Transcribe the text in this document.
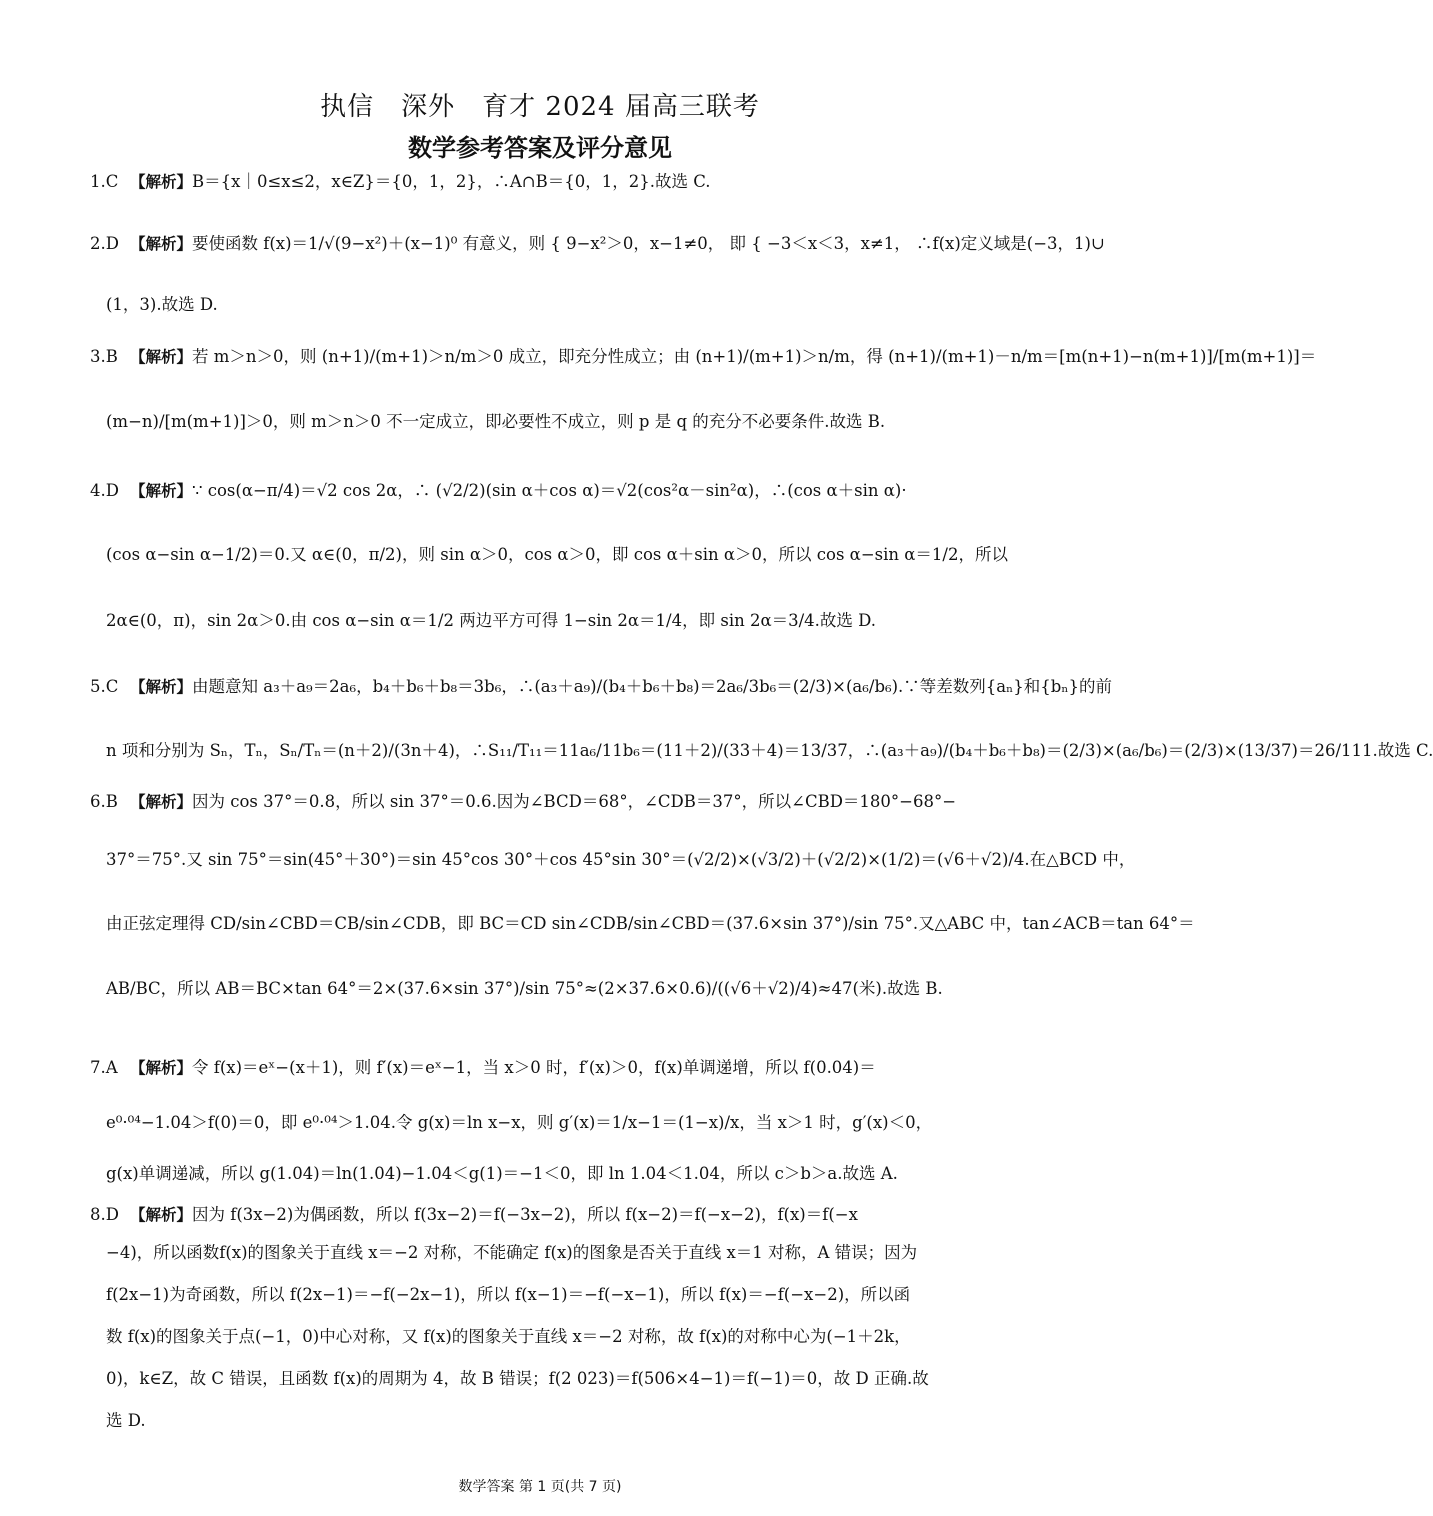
执信　深外　育才 2024 届高三联考
数学参考答案及评分意见
1.C 【解析】B＝{x｜0≤x≤2，x∈Z}＝{0，1，2}，∴A∩B＝{0，1，2}.故选 C.
2.D 【解析】要使函数 f(x)＝1/√(9−x²)＋(x−1)⁰ 有意义，则 { 9−x²＞0，x−1≠0， 即 { −3＜x＜3，x≠1， ∴f(x)定义域是(−3，1)∪
(1，3).故选 D.
3.B 【解析】若 m＞n＞0，则 (n+1)/(m+1)＞n/m＞0 成立，即充分性成立；由 (n+1)/(m+1)＞n/m，得 (n+1)/(m+1)－n/m＝[m(n+1)−n(m+1)]/[m(m+1)]＝
(m−n)/[m(m+1)]＞0，则 m＞n＞0 不一定成立，即必要性不成立，则 p 是 q 的充分不必要条件.故选 B.
4.D 【解析】∵ cos(α−π/4)＝√2 cos 2α，∴ (√2/2)(sin α＋cos α)＝√2(cos²α－sin²α)，∴(cos α＋sin α)·
(cos α−sin α−1/2)＝0.又 α∈(0，π/2)，则 sin α＞0，cos α＞0，即 cos α＋sin α＞0，所以 cos α−sin α＝1/2，所以
2α∈(0，π)，sin 2α＞0.由 cos α−sin α＝1/2 两边平方可得 1−sin 2α＝1/4，即 sin 2α＝3/4.故选 D.
5.C 【解析】由题意知 a₃＋a₉＝2a₆，b₄＋b₆＋b₈＝3b₆，∴(a₃＋a₉)/(b₄＋b₆＋b₈)＝2a₆/3b₆＝(2/3)×(a₆/b₆).∵等差数列{aₙ}和{bₙ}的前
n 项和分别为 Sₙ，Tₙ，Sₙ/Tₙ＝(n＋2)/(3n＋4)，∴S₁₁/T₁₁＝11a₆/11b₆＝(11＋2)/(33＋4)＝13/37，∴(a₃＋a₉)/(b₄＋b₆＋b₈)＝(2/3)×(a₆/b₆)＝(2/3)×(13/37)＝26/111.故选 C.
6.B 【解析】因为 cos 37°＝0.8，所以 sin 37°＝0.6.因为∠BCD＝68°，∠CDB＝37°，所以∠CBD＝180°−68°−
37°＝75°.又 sin 75°＝sin(45°＋30°)＝sin 45°cos 30°＋cos 45°sin 30°＝(√2/2)×(√3/2)＋(√2/2)×(1/2)＝(√6＋√2)/4.在△BCD 中，
由正弦定理得 CD/sin∠CBD＝CB/sin∠CDB，即 BC＝CD sin∠CDB/sin∠CBD＝(37.6×sin 37°)/sin 75°.又△ABC 中，tan∠ACB＝tan 64°＝
AB/BC，所以 AB＝BC×tan 64°＝2×(37.6×sin 37°)/sin 75°≈(2×37.6×0.6)/((√6＋√2)/4)≈47(米).故选 B.
7.A 【解析】令 f(x)＝eˣ−(x＋1)，则 f′(x)＝eˣ−1，当 x＞0 时，f′(x)＞0，f(x)单调递增，所以 f(0.04)＝
e⁰·⁰⁴−1.04＞f(0)＝0，即 e⁰·⁰⁴＞1.04.令 g(x)＝ln x−x，则 g′(x)＝1/x−1＝(1−x)/x，当 x＞1 时，g′(x)＜0，
g(x)单调递减，所以 g(1.04)＝ln(1.04)−1.04＜g(1)＝−1＜0，即 ln 1.04＜1.04，所以 c＞b＞a.故选 A.
8.D 【解析】因为 f(3x−2)为偶函数，所以 f(3x−2)＝f(−3x−2)，所以 f(x−2)＝f(−x−2)，f(x)＝f(−x
−4)，所以函数f(x)的图象关于直线 x＝−2 对称，不能确定 f(x)的图象是否关于直线 x＝1 对称，A 错误；因为
f(2x−1)为奇函数，所以 f(2x−1)＝−f(−2x−1)，所以 f(x−1)＝−f(−x−1)，所以 f(x)＝−f(−x−2)，所以函
数 f(x)的图象关于点(−1，0)中心对称，又 f(x)的图象关于直线 x＝−2 对称，故 f(x)的对称中心为(−1＋2k，
0)，k∈Z，故 C 错误，且函数 f(x)的周期为 4，故 B 错误；f(2 023)＝f(506×4−1)＝f(−1)＝0，故 D 正确.故
选 D.
数学答案 第 1 页(共 7 页)
